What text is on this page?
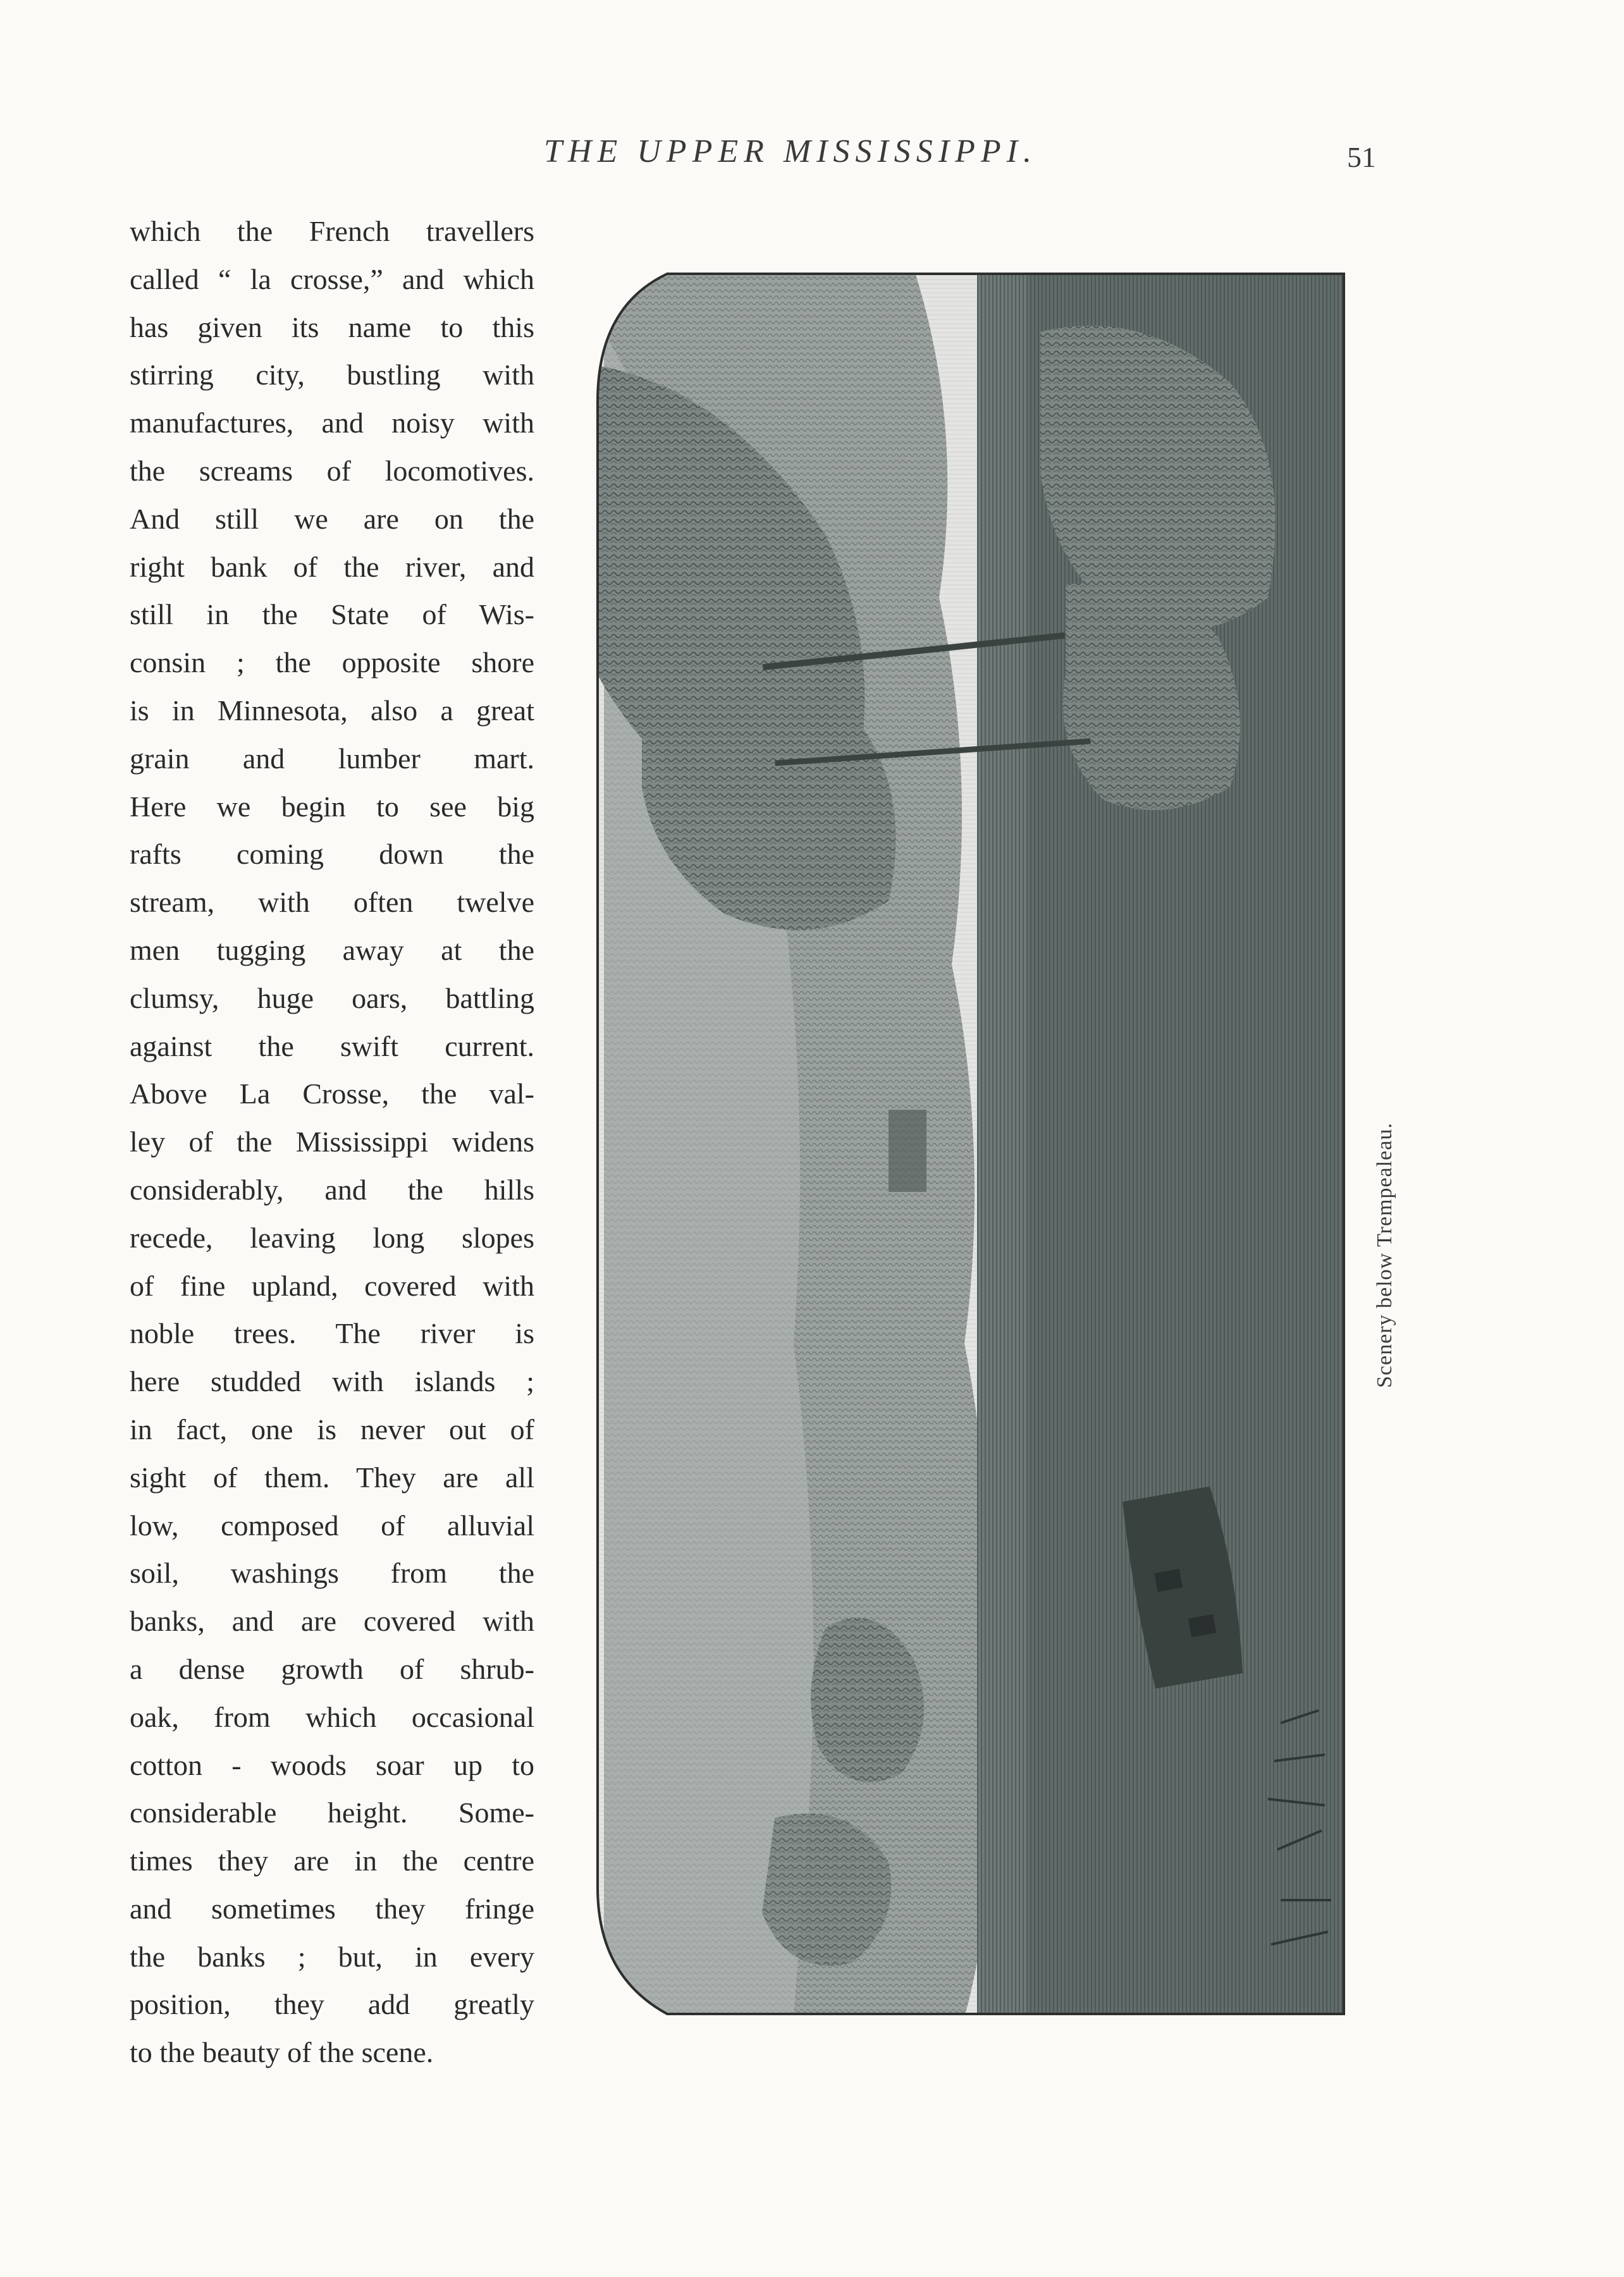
THE UPPER MISSISSIPPI.	51
which the French travellers
called “ la crosse,” and which
has given its name to this
stirring city, bustling with
manufactures, and noisy with
the screams of locomotives.
And still we are on the
right bank of the river, and
still in the State of Wis-
consin ; the opposite shore
is in Minnesota, also a great
grain and lumber mart.
Here we begin to see big
rafts coming down the
stream, with often twelve
men tugging away at the
clumsy, huge oars, battling
against the swift current.
Above La Crosse, the val-
ley of the Mississippi widens
considerably, and the hills
recede, leaving long slopes
of fine upland, covered with
noble trees. The river is
here studded with islands ;
in fact, one is never out of
sight of them. They are all
low, composed of alluvial
soil, washings from the
banks, and are covered with
a dense growth of shrub-
oak, from which occasional
cotton - woods soar up to
considerable height. Some-
times they are in the centre
and sometimes they fringe
the banks ; but, in every
position, they add greatly
to the beauty of the scene.
Scenery below Trempealeau.
